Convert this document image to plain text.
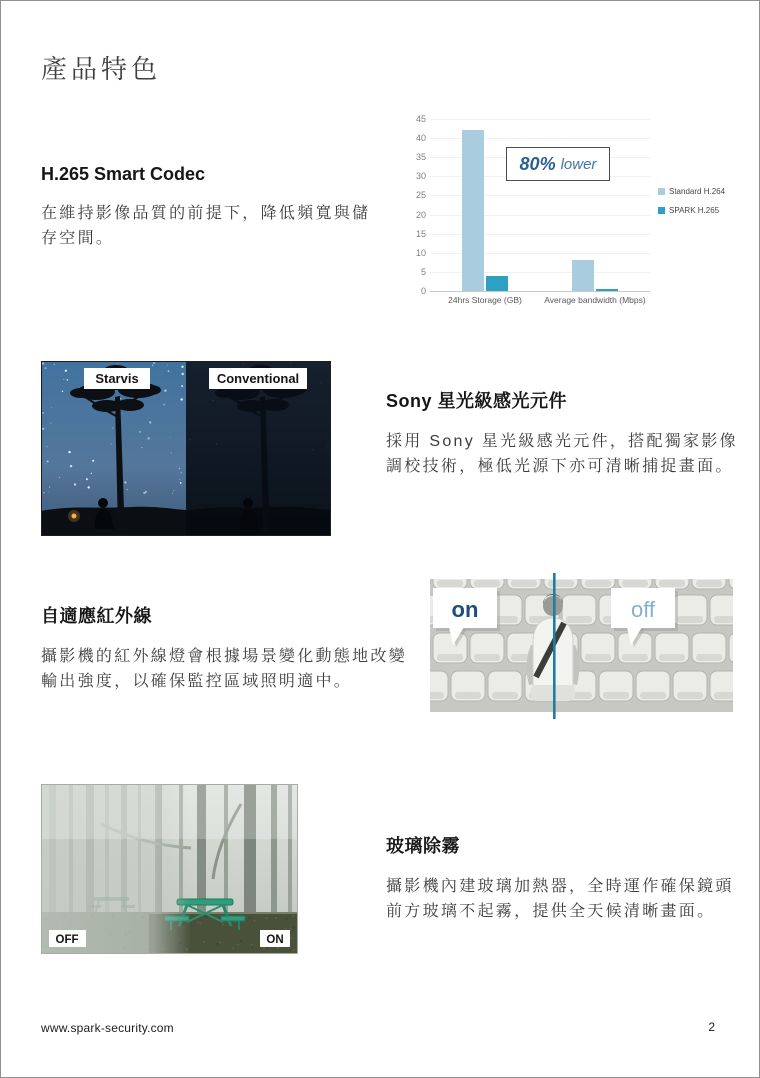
產品特色
H.265 Smart Codec

在維持影像品質的前提下，降低頻寬與儲存空間。

0
5
10
15
20
25
30
35
40
45
24hrs Storage (GB)	Average bandwidth (Mbps)
80% lower
Standard H.264
SPARK H.265
Starvis	Conventional
Sony 星光級感光元件

採用 Sony 星光級感光元件，搭配獨家影像調校技術，極低光源下亦可清晰捕捉畫面。

自適應紅外線

攝影機的紅外線燈會根據場景變化動態地改變輸出強度，以確保監控區域照明適中。

on	off
OFF	ON
玻璃除霧

攝影機內建玻璃加熱器，全時運作確保鏡頭前方玻璃不起霧，提供全天候清晰畫面。

www.spark-security.com	2
